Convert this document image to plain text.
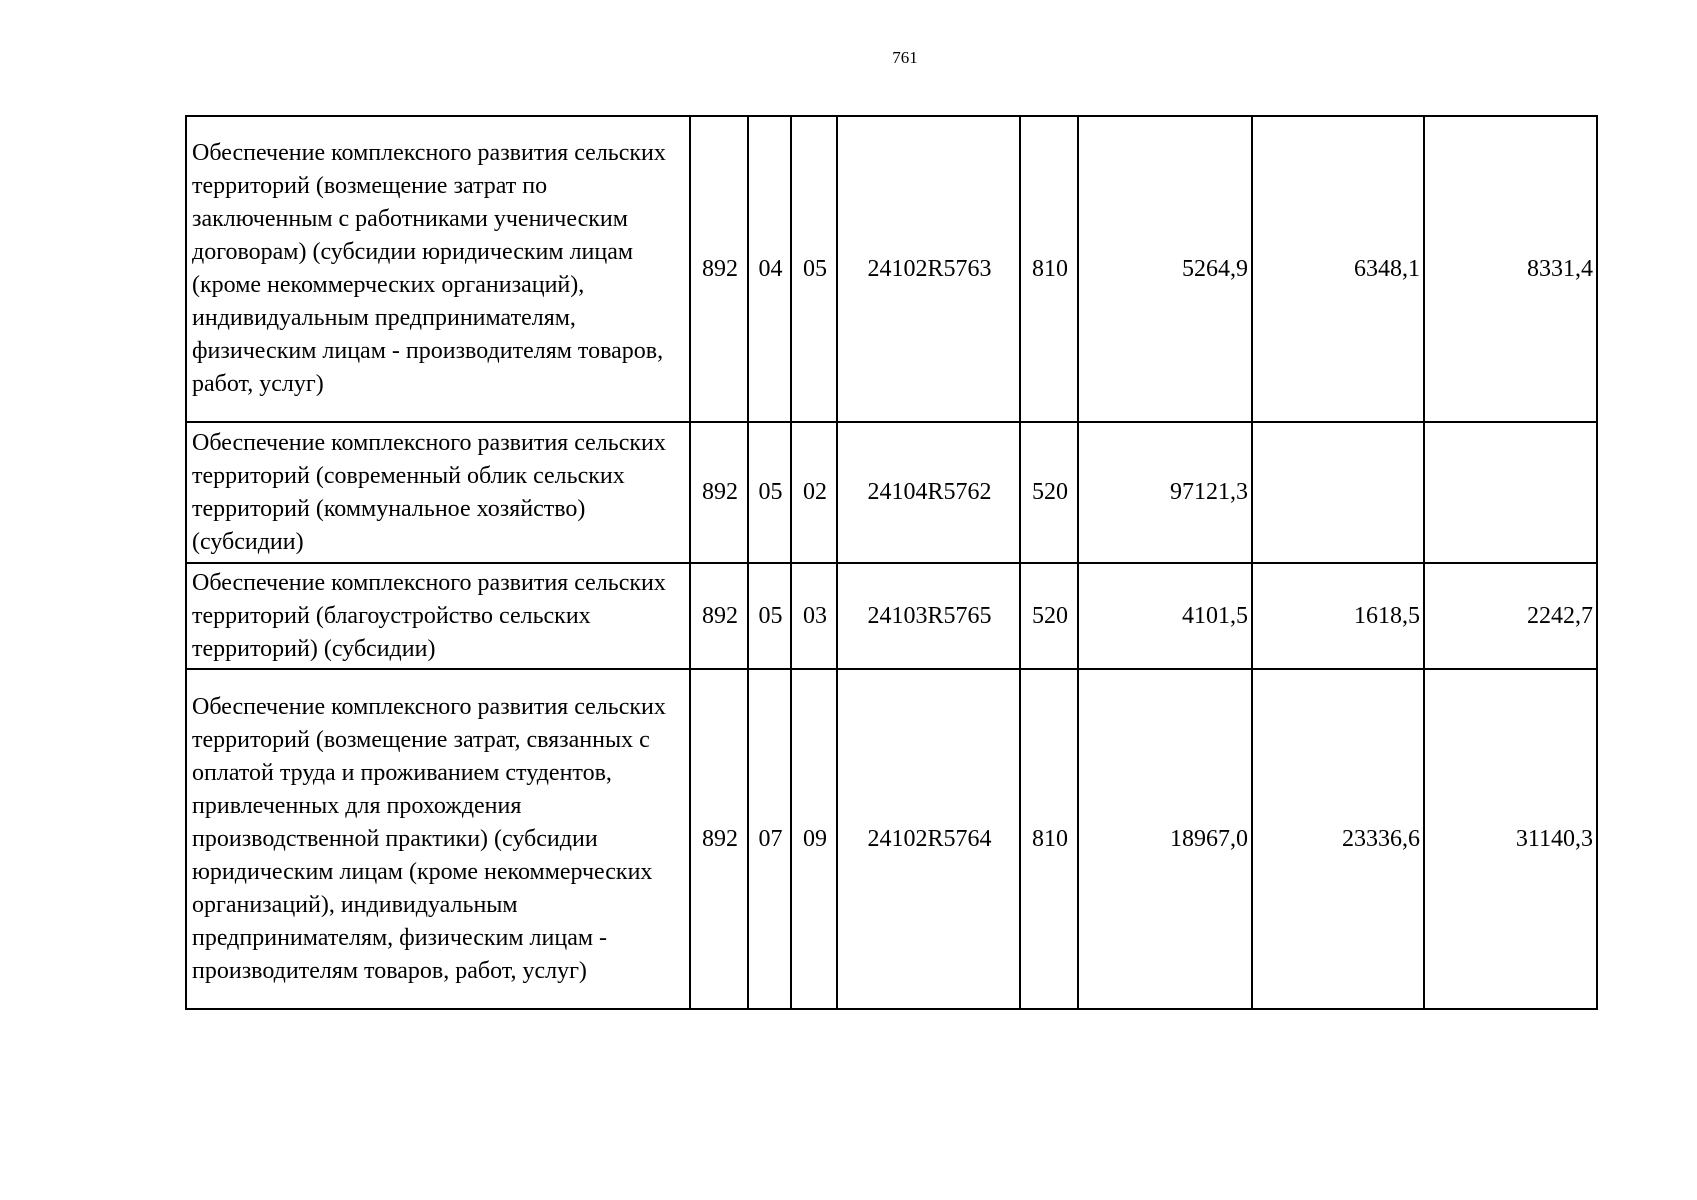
761
Обеспечение комплексного развития сельских территорий (возмещение затрат по заключенным с работниками ученическим договорам) (субсидии юридическим лицам (кроме некоммерческих организаций), индивидуальным предпринимателям, физическим лицам - производителям товаров, работ, услуг)	892	04	05	24102R5763	810	5264,9	6348,1	8331,4
Обеспечение комплексного развития сельских территорий (современный облик сельских территорий (коммунальное хозяйство) (субсидии)	892	05	02	24104R5762	520	97121,3		
Обеспечение комплексного развития сельских территорий (благоустройство сельских территорий) (субсидии)	892	05	03	24103R5765	520	4101,5	1618,5	2242,7
Обеспечение комплексного развития сельских территорий (возмещение затрат, связанных с оплатой труда и проживанием студентов, привлеченных для прохождения производственной практики) (субсидии юридическим лицам (кроме некоммерческих организаций), индивидуальным предпринимателям, физическим лицам - производителям товаров, работ, услуг)	892	07	09	24102R5764	810	18967,0	23336,6	31140,3
